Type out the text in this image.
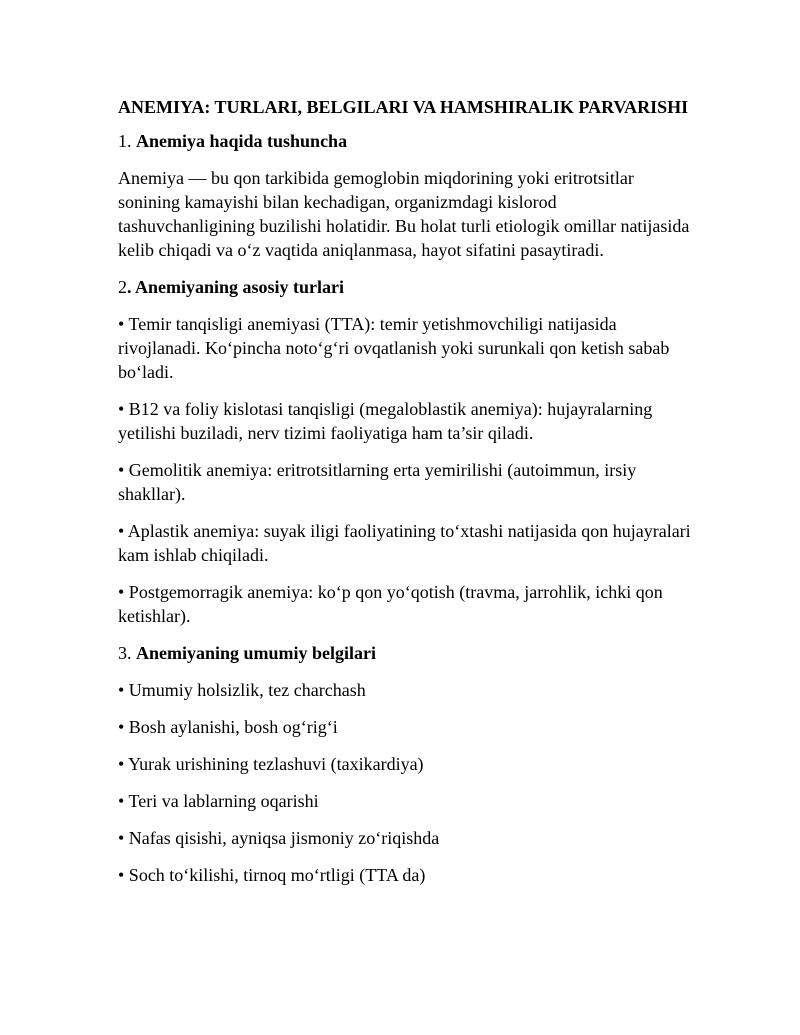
ANEMIYA: TURLARI, BELGILARI VA HAMSHIRALIK PARVARISHI
1. Anemiya haqida tushuncha
Anemiya — bu qon tarkibida gemoglobin miqdorining yoki eritrotsitlar sonining kamayishi bilan kechadigan, organizmdagi kislorod tashuvchanligining buzilishi holatidir. Bu holat turli etiologik omillar natijasida kelib chiqadi va o‘z vaqtida aniqlanmasa, hayot sifatini pasaytiradi.
2. Anemiyaning asosiy turlari
• Temir tanqisligi anemiyasi (TTA): temir yetishmovchiligi natijasida rivojlanadi. Ko‘pincha noto‘g‘ri ovqatlanish yoki surunkali qon ketish sabab bo‘ladi.
• B12 va foliy kislotasi tanqisligi (megaloblastik anemiya): hujayralarning yetilishi buziladi, nerv tizimi faoliyatiga ham ta’sir qiladi.
• Gemolitik anemiya: eritrotsitlarning erta yemirilishi (autoimmun, irsiy shakllar).
• Aplastik anemiya: suyak iligi faoliyatining to‘xtashi natijasida qon hujayralari kam ishlab chiqiladi.
• Postgemorragik anemiya: ko‘p qon yo‘qotish (travma, jarrohlik, ichki qon ketishlar).
3. Anemiyaning umumiy belgilari
• Umumiy holsizlik, tez charchash
• Bosh aylanishi, bosh og‘rig‘i
• Yurak urishining tezlashuvi (taxikardiya)
• Teri va lablarning oqarishi
• Nafas qisishi, ayniqsa jismoniy zo‘riqishda
• Soch to‘kilishi, tirnoq mo‘rtligi (TTA da)
